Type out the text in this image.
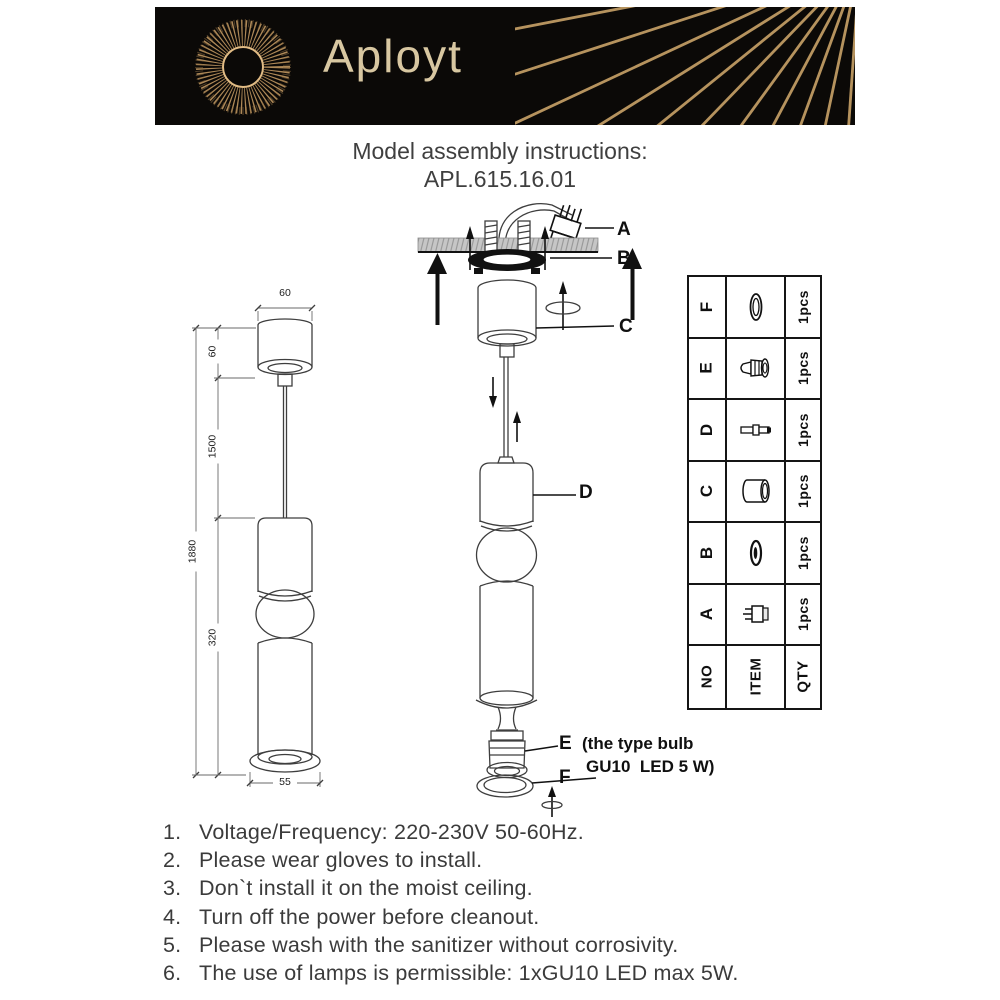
Aployt
Model assembly instructions:
APL.615.16.01
60
60
1500
1880
320
55
A
B
C
D
E
F
(the type bulb
GU10  LED 5 W)
F	1pcs
E	1pcs
D	1pcs
C	1pcs
B	1pcs
A	1pcs
NO ITEM QTY
1. Voltage/Frequency: 220-230V 50-60Hz.
2. Please wear gloves to install.
3. Don`t install it on the moist ceiling.
4. Turn off the power before cleanout.
5. Please wash with the sanitizer without corrosivity.
6. The use of lamps is permissible: 1xGU10 LED max 5W.
